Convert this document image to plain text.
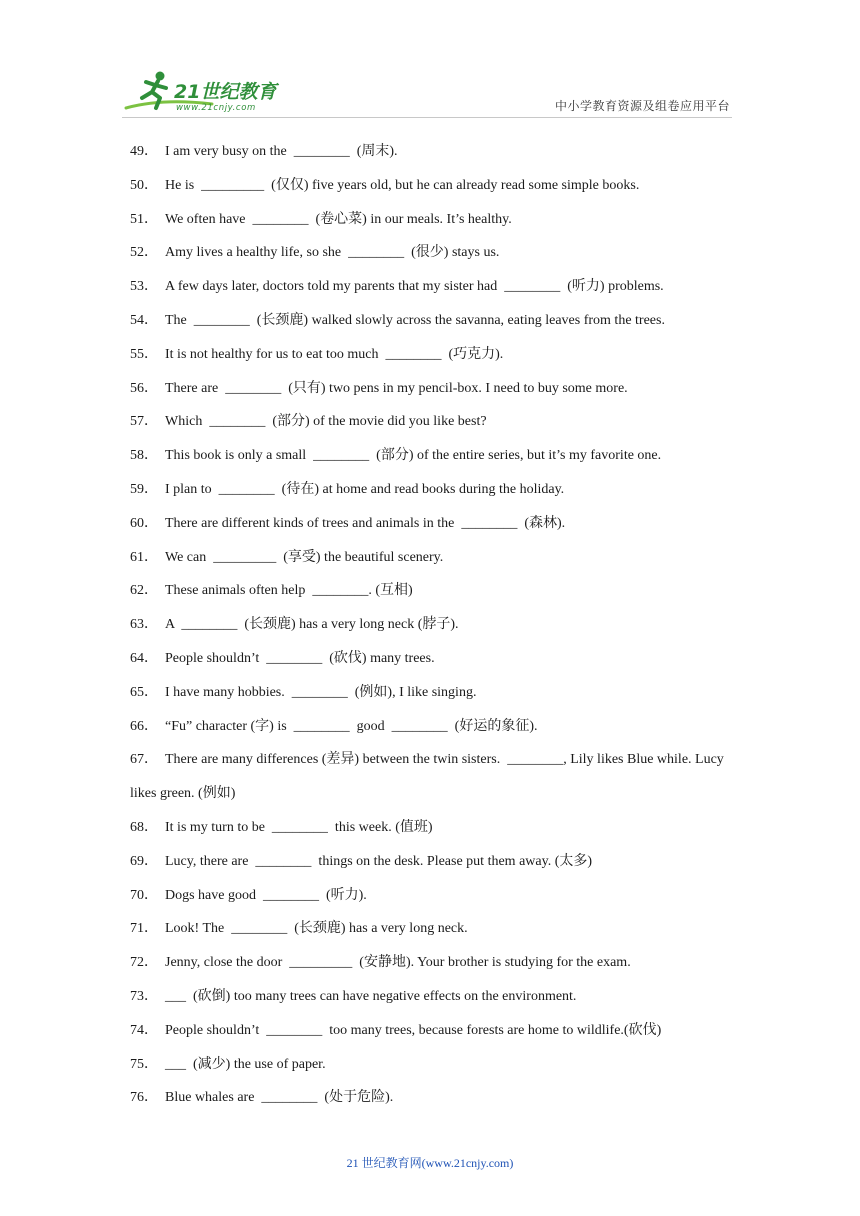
21世纪教育
www.21cnjy.com	中小学教育资源及组卷应用平台
49． I am very busy on the  ________  (周末).
50． He is  _________  (仅仅) five years old, but he can already read some simple books.
51． We often have  ________  (卷心菜) in our meals. It’s healthy.
52． Amy lives a healthy life, so she  ________  (很少) stays us.
53． A few days later, doctors told my parents that my sister had  ________  (听力) problems.
54． The  ________  (长颈鹿) walked slowly across the savanna, eating leaves from the trees.
55． It is not healthy for us to eat too much  ________  (巧克力).
56． There are  ________  (只有) two pens in my pencil-box. I need to buy some more.
57． Which  ________  (部分) of the movie did you like best?
58． This book is only a small  ________  (部分) of the entire series, but it’s my favorite one.
59． I plan to  ________  (待在) at home and read books during the holiday.
60． There are different kinds of trees and animals in the  ________  (森林).
61． We can  _________  (享受) the beautiful scenery.
62． These animals often help  ________. (互相)
63． A  ________  (长颈鹿) has a very long neck (脖子).
64． People shouldn’t  ________  (砍伐) many trees.
65． I have many hobbies.  ________  (例如), I like singing.
66． “Fu” character (字) is  ________  good  ________  (好运的象征).
67． There are many differences (差异) between the twin sisters.  ________, Lily likes Blue while. Lucy likes green. (例如)
68． It is my turn to be  ________  this week. (值班)
69． Lucy, there are  ________  things on the desk. Please put them away. (太多)
70． Dogs have good  ________  (听力).
71． Look! The  ________  (长颈鹿) has a very long neck.
72． Jenny, close the door  _________  (安静地). Your brother is studying for the exam.
73． ___  (砍倒) too many trees can have negative effects on the environment.
74． People shouldn’t  ________  too many trees, because forests are home to wildlife.(砍伐)
75． ___  (减少) the use of paper.
76． Blue whales are  ________  (处于危险).
21 世纪教育网(www.21cnjy.com)
